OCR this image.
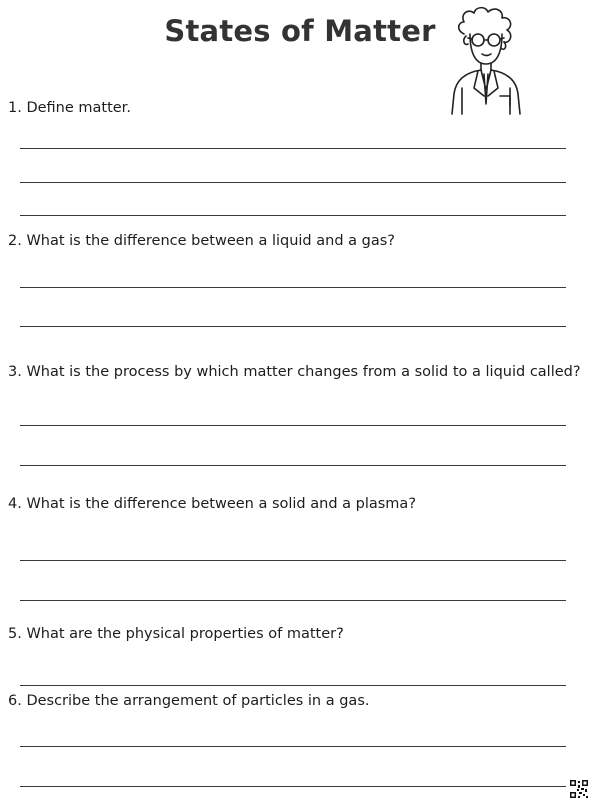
States of Matter
1. Define matter.
2. What is the difference between a liquid and a gas?
3. What is the process by which matter changes from a solid to a liquid called?
4. What is the difference between a solid and a plasma?
5. What are the physical properties of matter?
6. Describe the arrangement of particles in a gas.
